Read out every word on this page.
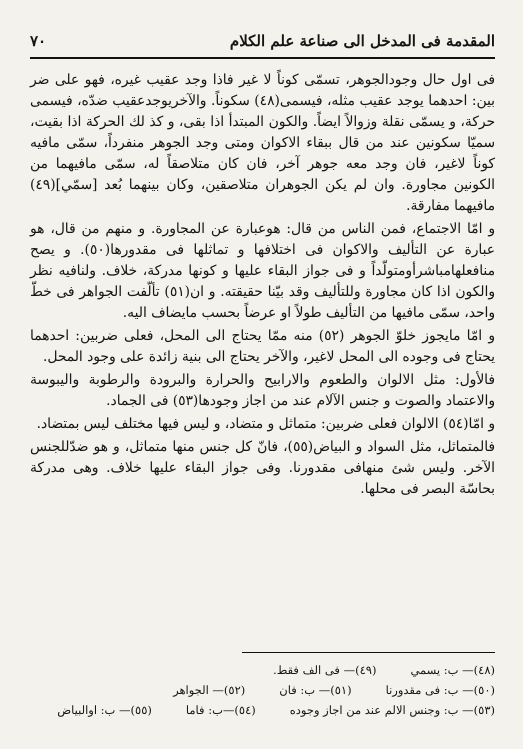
المقدمة فى المدخل الى صناعة علم الكلام
٧٠

فى اول حال وجودالجوهر، تسمّى كوناً لا غير فاذا وجد عقيب غيره، فهو على ضر بين: احدهما يوجد عقيب مثله، فيسمى(٤٨) سكوناً. والآخريوجدعقيب ضدّه، فيسمى حركة، و يسمّى نقلة وزوالاً ايضاً. والكون المبتدأ اذا بقى، و كذ لك الحركة اذا بقيت، سميّا سكونين عند من قال ببقاء الاكوان ومتى وجد الجوهر منفرداً، سمّى مافيه كوناً لاغير، فان وجد معه جوهر آخر، فان كان متلاصقاً له، سمّى مافيهما من الكونين مجاورة. وان لم يكن الجوهران متلاصقين، وكان بينهما بُعد [سمّي](٤٩) مافيهما مفارقة.

و امّا الاجتماع، فمن الناس من قال: هوعبارة عن المجاورة. و منهم من قال، هو عبارة عن التأليف والاكوان فى اختلافها و تماثلها فى مقدورها(٥٠). و يصح منافعلهامباشرأومتولّداً و فى جواز البقاء عليها و كونها مدركة، خلاف. ولنافيه نظر والكون اذا كان مجاورة وللتأليف وقد بيّنا حقيقته. و ان(٥١) تألّفت الجواهر فى خطّ واحد، سمّى مافيها من التأليف طولاً او عرضاً بحسب مايضاف اليه.

و امّا مايجوز خلوّ الجوهر (٥٢) منه ممّا يحتاج الى المحل، فعلى ضربين: احدهما يحتاج فى وجوده الى المحل لاغير، والآخر يحتاج الى بنية زائدة على وجود المحل.

فالأول: مثل الالوان والطعوم والارابيح والحرارة والبرودة والرطوبة واليبوسة والاعتماد والصوت و جنس الآلام عند من اجاز وجودها(٥٣) فى الجماد.

و امّا(٥٤) الالوان فعلى ضربين: متماثل و متضاد، و ليس فيها مختلف ليس بمتضاد.

فالمتماثل، مثل السواد و البياض(٥٥)، فانّ كل جنس منها متماثل، و هو ضدّللجنس الآخر. وليس شئ منهافى مقدورنا. وفى جواز البقاء عليها خلاف. وهى مدركة بحاسّة البصر فى محلها.

(٤٨)— ب: يسمي
(٤٩)— فى الف فقط.
(٥٠)— ب: فى مقدورنا
(٥١)— ب: فان
(٥٢)— الجواهر
(٥٣)— ب: وجنس الالم عند من اجاز وجوده
(٥٤)—ب: فاما
(٥٥)— ب: اوالبياض
